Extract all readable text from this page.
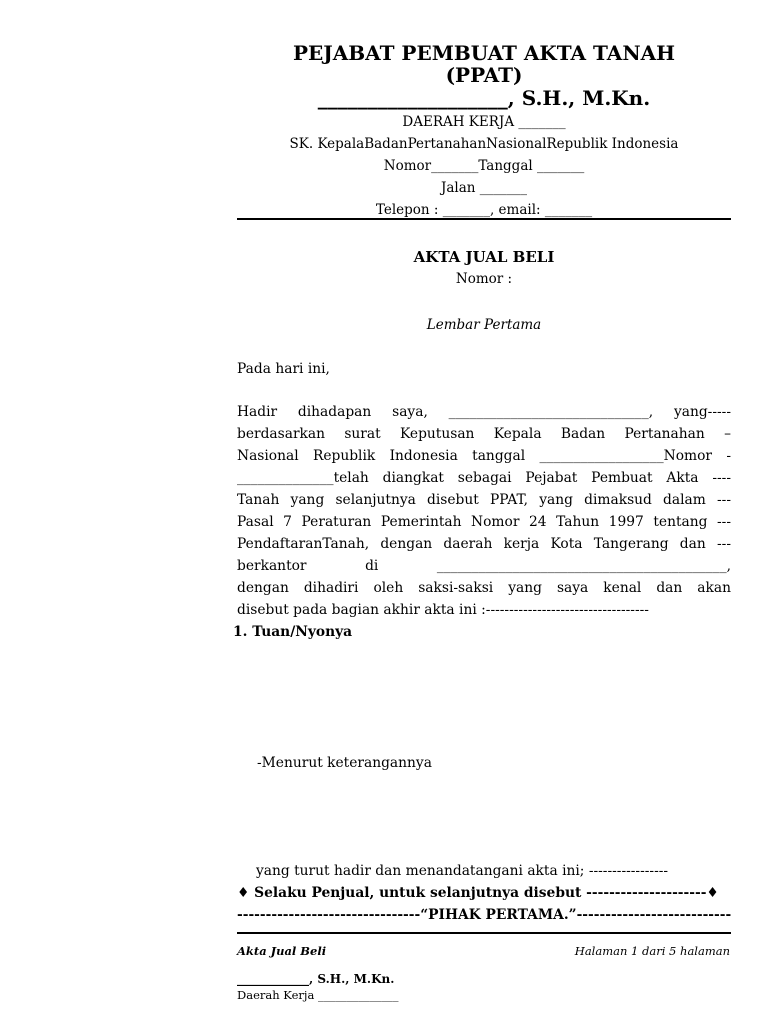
PEJABAT PEMBUAT AKTA TANAH
(PPAT)
___________________, S.H., M.Kn.
DAERAH KERJA _______
SK. KepalaBadanPertanahanNasionalRepublik Indonesia
Nomor_______Tanggal _______
Jalan _______
Telepon : _______, email: _______
AKTA JUAL BELI
Nomor :
Lembar Pertama
Pada hari ini,
Hadir dihadapan saya, _____________________________, yang-----
berdasarkan surat Keputusan Kepala Badan Pertanahan –
Nasional Republik Indonesia tanggal __________________Nomor -
______________telah diangkat sebagai Pejabat Pembuat Akta ----
Tanah yang selanjutnya disebut PPAT, yang dimaksud dalam ---
Pasal 7 Peraturan Pemerintah Nomor 24 Tahun 1997 tentang ---
PendaftaranTanah, dengan daerah kerja Kota Tangerang dan ---
berkantor di __________________________________________,
dengan dihadiri oleh saksi-saksi yang saya kenal dan akan
disebut pada bagian akhir akta ini :-----------------------------------
1. Tuan/Nyonya
-Menurut keterangannya
yang turut hadir dan menandatangani akta ini; -----------------
♦ Selaku Penjual, untuk selanjutnya disebut ---------------------♦
--------------------------------“PIHAK PERTAMA.”---------------------------
Akta Jual Beli	Halaman 1 dari 5 halaman
____________, S.H., M.Kn.
Daerah Kerja ______________
